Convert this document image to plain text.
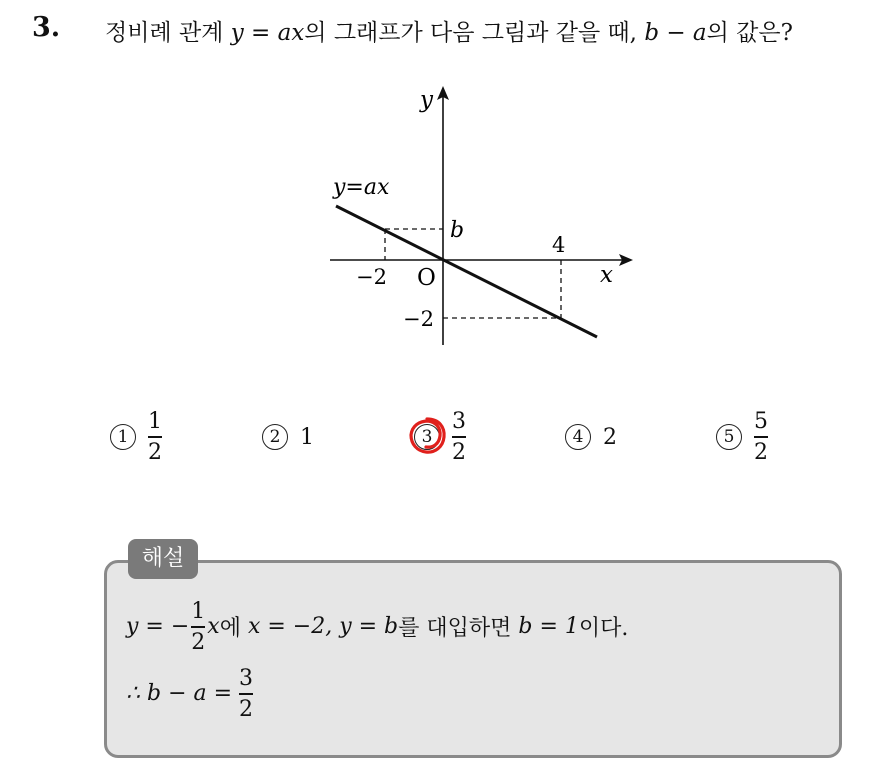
3. 정비례 관계 y = ax의 그래프가 다음 그림과 같을 때, b − a의 값은?
y
x
O
y=ax
b
−2
4
−2
$1 \frac{1}{2}$	2 1	$3 \frac{3}{2}$	4 2	$5 \frac{5}{2}$
해설
y = − $\frac{1}{2}$ x 에 x = −2, y = b 를 대입하면 b = 1 이다.
∴ $b - a = \frac{3}{2}$
